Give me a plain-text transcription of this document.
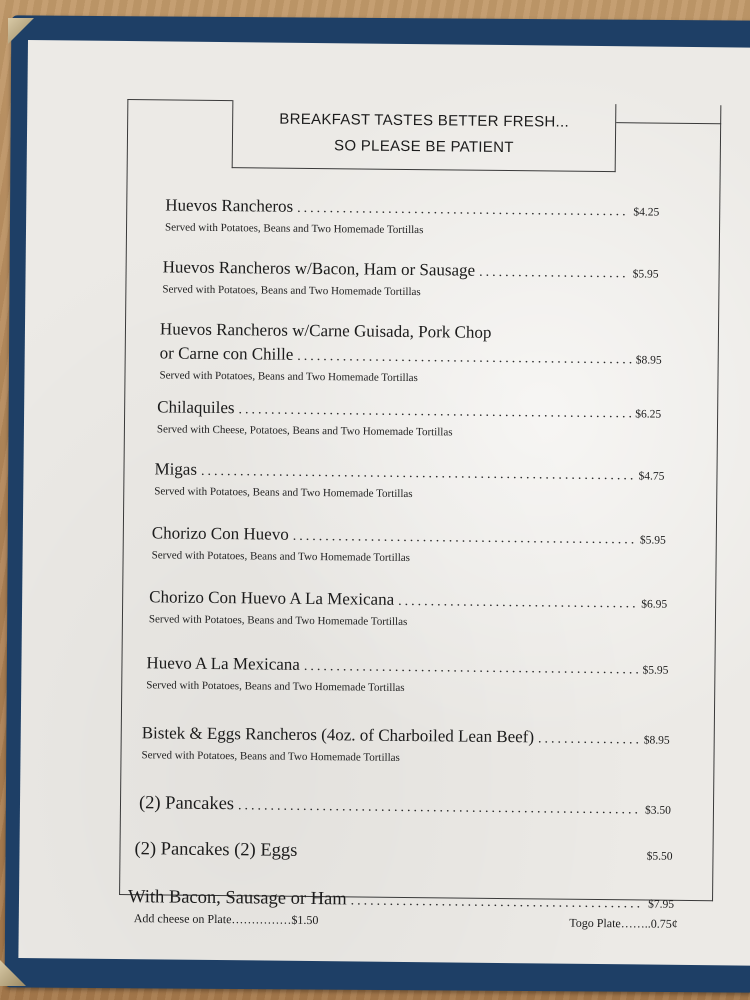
BREAKFAST TASTES BETTER FRESH...
SO PLEASE BE PATIENT
Huevos Rancheros .....	$4.25
Served with Potatoes, Beans and Two Homemade Tortillas
Huevos Rancheros w/Bacon, Ham or Sausage .....	$5.95
Served with Potatoes, Beans and Two Homemade Tortillas
Huevos Rancheros w/Carne Guisada, Pork Chop
or Carne con Chille .....	$8.95
Served with Potatoes, Beans and Two Homemade Tortillas
Chilaquiles .....	$6.25
Served with Cheese, Potatoes, Beans and Two Homemade Tortillas
Migas .....	$4.75
Served with Potatoes, Beans and Two Homemade Tortillas
Chorizo Con Huevo .....	$5.95
Served with Potatoes, Beans and Two Homemade Tortillas
Chorizo Con Huevo A La Mexicana .....	$6.95
Served with Potatoes, Beans and Two Homemade Tortillas
Huevo A La Mexicana .....	$5.95
Served with Potatoes, Beans and Two Homemade Tortillas
Bistek & Eggs Rancheros (4oz. of Charboiled Lean Beef) .....	$8.95
Served with Potatoes, Beans and Two Homemade Tortillas
(2) Pancakes .....	$3.50
(2) Pancakes (2) Eggs	$5.50
With Bacon, Sausage or Ham .....	$7.95
Add cheese on Plate……………$1.50	Togo Plate……..0.75¢
